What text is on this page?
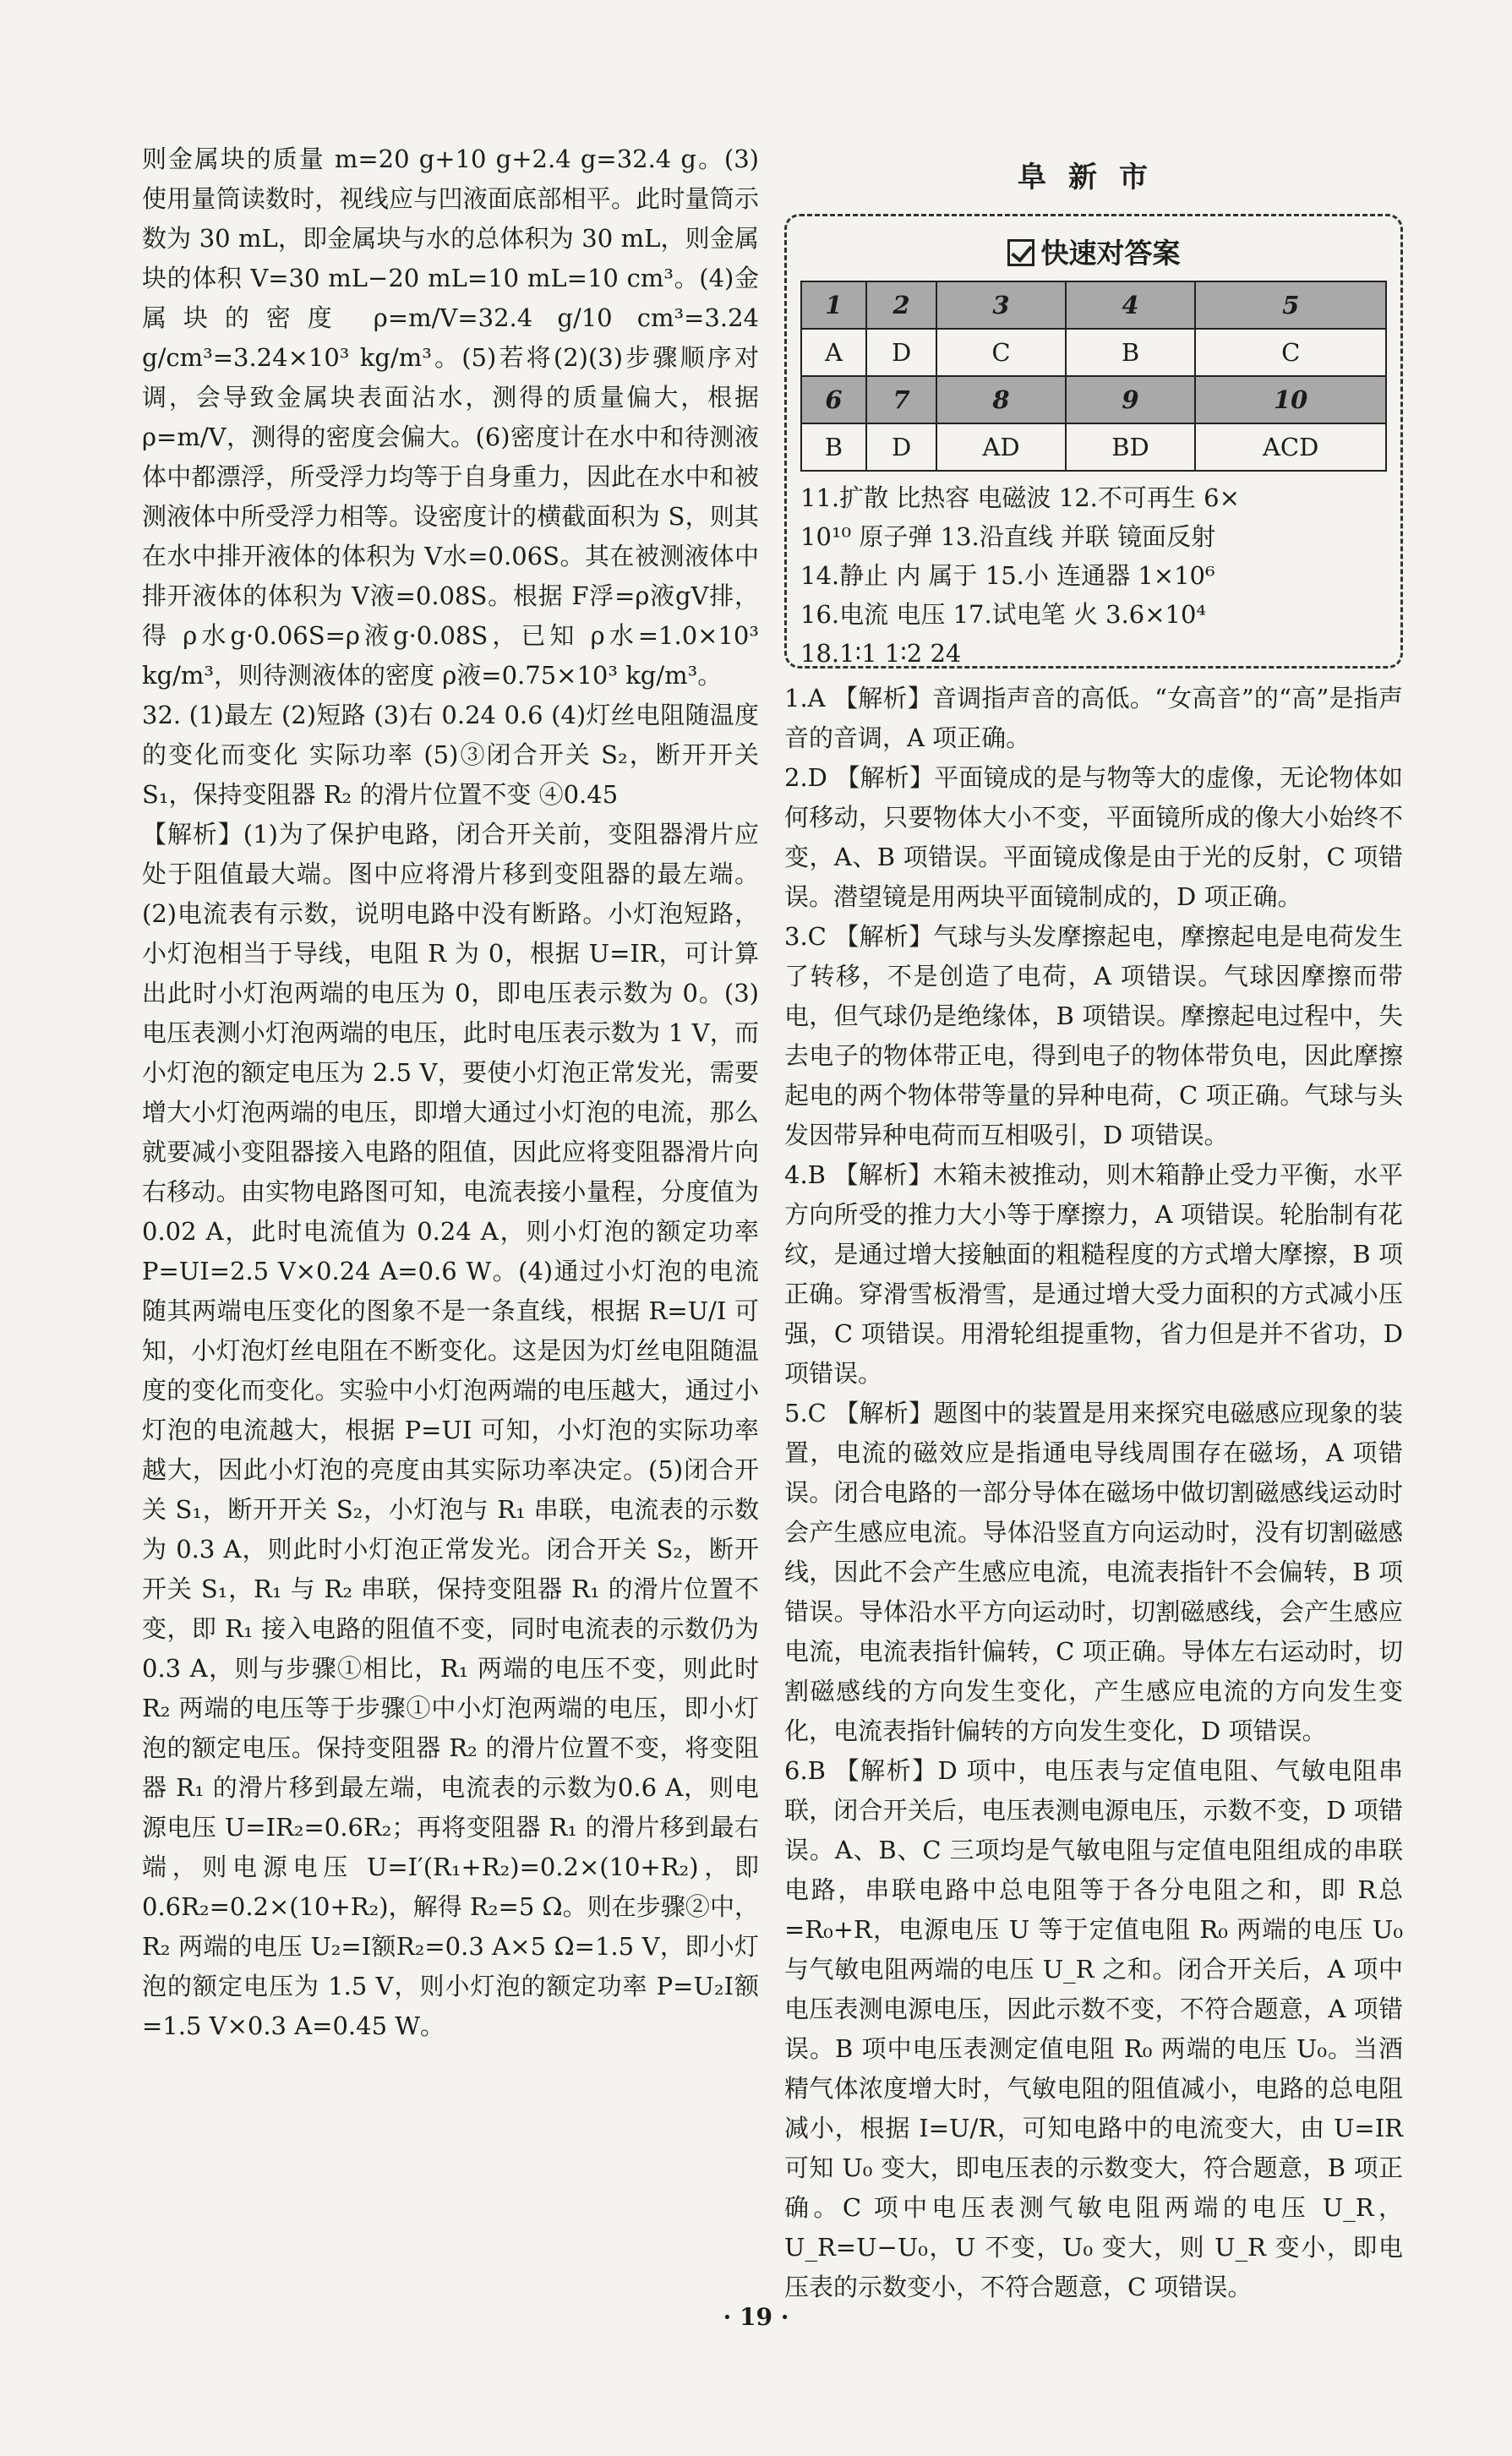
则金属块的质量 m=20 g+10 g+2.4 g=32.4 g。(3)使用量筒读数时，视线应与凹液面底部相平。此时量筒示数为 30 mL，即金属块与水的总体积为 30 mL，则金属块的体积 V=30 mL−20 mL=10 mL=10 cm³。(4)金属块的密度 ρ=m/V=32.4 g/10 cm³=3.24 g/cm³=3.24×10³ kg/m³。(5)若将(2)(3)步骤顺序对调，会导致金属块表面沾水，测得的质量偏大，根据ρ=m/V，测得的密度会偏大。(6)密度计在水中和待测液体中都漂浮，所受浮力均等于自身重力，因此在水中和被测液体中所受浮力相等。设密度计的横截面积为 S，则其在水中排开液体的体积为 V水=0.06S。其在被测液体中排开液体的体积为 V液=0.08S。根据 F浮=ρ液gV排，得 ρ水g·0.06S=ρ液g·0.08S，已知 ρ水=1.0×10³ kg/m³，则待测液体的密度 ρ液=0.75×10³ kg/m³。

32. (1)最左 (2)短路 (3)右 0.24 0.6 (4)灯丝电阻随温度的变化而变化 实际功率 (5)③闭合开关 S₂，断开开关 S₁，保持变阻器 R₂ 的滑片位置不变 ④0.45

【解析】(1)为了保护电路，闭合开关前，变阻器滑片应处于阻值最大端。图中应将滑片移到变阻器的最左端。(2)电流表有示数，说明电路中没有断路。小灯泡短路，小灯泡相当于导线，电阻 R 为 0，根据 U=IR，可计算出此时小灯泡两端的电压为 0，即电压表示数为 0。(3)电压表测小灯泡两端的电压，此时电压表示数为 1 V，而小灯泡的额定电压为 2.5 V，要使小灯泡正常发光，需要增大小灯泡两端的电压，即增大通过小灯泡的电流，那么就要减小变阻器接入电路的阻值，因此应将变阻器滑片向右移动。由实物电路图可知，电流表接小量程，分度值为 0.02 A，此时电流值为 0.24 A，则小灯泡的额定功率 P=UI=2.5 V×0.24 A=0.6 W。(4)通过小灯泡的电流随其两端电压变化的图象不是一条直线，根据 R=U/I 可知，小灯泡灯丝电阻在不断变化。这是因为灯丝电阻随温度的变化而变化。实验中小灯泡两端的电压越大，通过小灯泡的电流越大，根据 P=UI 可知，小灯泡的实际功率越大，因此小灯泡的亮度由其实际功率决定。(5)闭合开关 S₁，断开开关 S₂，小灯泡与 R₁ 串联，电流表的示数为 0.3 A，则此时小灯泡正常发光。闭合开关 S₂，断开开关 S₁，R₁ 与 R₂ 串联，保持变阻器 R₁ 的滑片位置不变，即 R₁ 接入电路的阻值不变，同时电流表的示数仍为 0.3 A，则与步骤①相比，R₁ 两端的电压不变，则此时 R₂ 两端的电压等于步骤①中小灯泡两端的电压，即小灯泡的额定电压。保持变阻器 R₂ 的滑片位置不变，将变阻器 R₁ 的滑片移到最左端，电流表的示数为0.6 A，则电源电压 U=IR₂=0.6R₂；再将变阻器 R₁ 的滑片移到最右端，则电源电压 U=I′(R₁+R₂)=0.2×(10+R₂)，即 0.6R₂=0.2×(10+R₂)，解得 R₂=5 Ω。则在步骤②中，R₂ 两端的电压 U₂=I额R₂=0.3 A×5 Ω=1.5 V，即小灯泡的额定电压为 1.5 V，则小灯泡的额定功率 P=U₂I额=1.5 V×0.3 A=0.45 W。

阜新市
快速对答案
1	2	3	4	5
A	D	C	B	C
6	7	8	9	10
B	D	AD	BD	ACD
11.扩散 比热容 电磁波 12.不可再生 6×
10¹⁰ 原子弹 13.沿直线 并联 镜面反射
14.静止 内 属于 15.小 连通器 1×10⁶
16.电流 电压 17.试电笔 火 3.6×10⁴
18.1∶1 1∶2 24

1.A 【解析】音调指声音的高低。“女高音”的“高”是指声音的音调，A 项正确。

2.D 【解析】平面镜成的是与物等大的虚像，无论物体如何移动，只要物体大小不变，平面镜所成的像大小始终不变，A、B 项错误。平面镜成像是由于光的反射，C 项错误。潜望镜是用两块平面镜制成的，D 项正确。

3.C 【解析】气球与头发摩擦起电，摩擦起电是电荷发生了转移，不是创造了电荷，A 项错误。气球因摩擦而带电，但气球仍是绝缘体，B 项错误。摩擦起电过程中，失去电子的物体带正电，得到电子的物体带负电，因此摩擦起电的两个物体带等量的异种电荷，C 项正确。气球与头发因带异种电荷而互相吸引，D 项错误。

4.B 【解析】木箱未被推动，则木箱静止受力平衡，水平方向所受的推力大小等于摩擦力，A 项错误。轮胎制有花纹，是通过增大接触面的粗糙程度的方式增大摩擦，B 项正确。穿滑雪板滑雪，是通过增大受力面积的方式减小压强，C 项错误。用滑轮组提重物，省力但是并不省功，D 项错误。

5.C 【解析】题图中的装置是用来探究电磁感应现象的装置，电流的磁效应是指通电导线周围存在磁场，A 项错误。闭合电路的一部分导体在磁场中做切割磁感线运动时会产生感应电流。导体沿竖直方向运动时，没有切割磁感线，因此不会产生感应电流，电流表指针不会偏转，B 项错误。导体沿水平方向运动时，切割磁感线，会产生感应电流，电流表指针偏转，C 项正确。导体左右运动时，切割磁感线的方向发生变化，产生感应电流的方向发生变化，电流表指针偏转的方向发生变化，D 项错误。

6.B 【解析】D 项中，电压表与定值电阻、气敏电阻串联，闭合开关后，电压表测电源电压，示数不变，D 项错误。A、B、C 三项均是气敏电阻与定值电阻组成的串联电路，串联电路中总电阻等于各分电阻之和，即 R总=R₀+R，电源电压 U 等于定值电阻 R₀ 两端的电压 U₀ 与气敏电阻两端的电压 U_R 之和。闭合开关后，A 项中电压表测电源电压，因此示数不变，不符合题意，A 项错误。B 项中电压表测定值电阻 R₀ 两端的电压 U₀。当酒精气体浓度增大时，气敏电阻的阻值减小，电路的总电阻减小，根据 I=U/R，可知电路中的电流变大，由 U=IR 可知 U₀ 变大，即电压表的示数变大，符合题意，B 项正确。C 项中电压表测气敏电阻两端的电压 U_R，U_R=U−U₀，U 不变，U₀ 变大，则 U_R 变小，即电压表的示数变小，不符合题意，C 项错误。

· 19 ·
